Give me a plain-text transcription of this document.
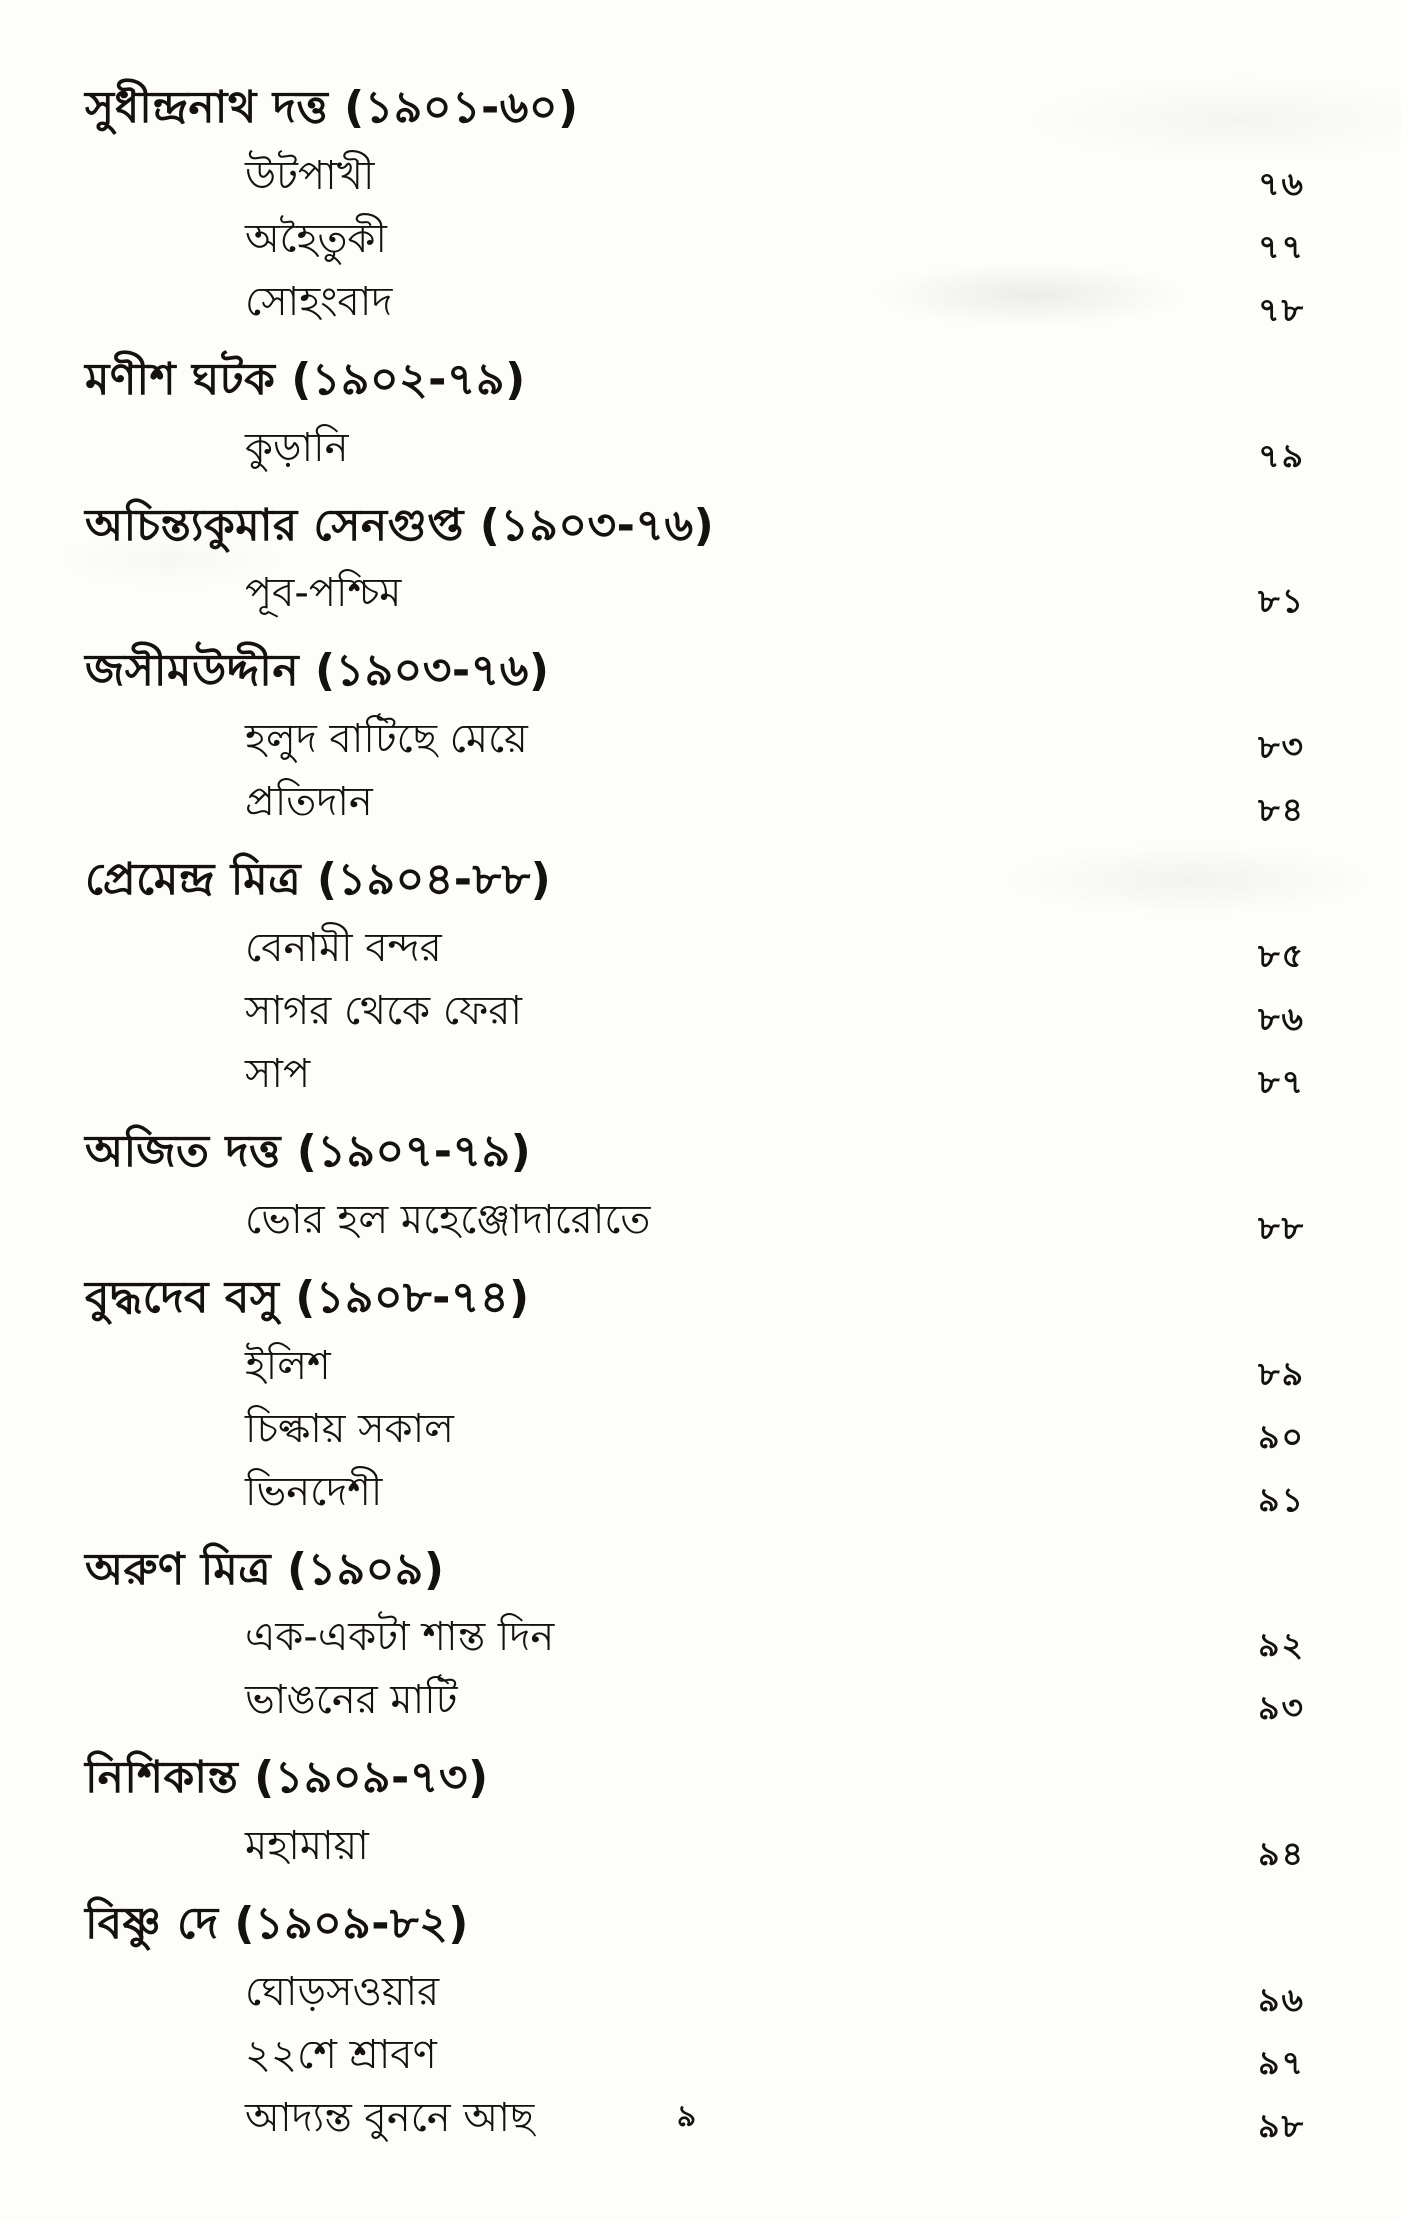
সুধীন্দ্রনাথ দত্ত (১৯০১-৬০)
উটপাখী	৭৬
অহৈতুকী	৭৭
সোহংবাদ	৭৮
মণীশ ঘটক (১৯০২-৭৯)
কুড়ানি	৭৯
অচিন্ত্যকুমার সেনগুপ্ত (১৯০৩-৭৬)
পূব-পশ্চিম	৮১
জসীমউদ্দীন (১৯০৩-৭৬)
হলুদ বাটিছে মেয়ে	৮৩
প্রতিদান	৮৪
প্রেমেন্দ্র মিত্র (১৯০৪-৮৮)
বেনামী বন্দর	৮৫
সাগর থেকে ফেরা	৮৬
সাপ	৮৭
অজিত দত্ত (১৯০৭-৭৯)
ভোর হল মহেঞ্জোদারোতে	৮৮
বুদ্ধদেব বসু (১৯০৮-৭৪)
ইলিশ	৮৯
চিল্কায় সকাল	৯০
ভিনদেশী	৯১
অরুণ মিত্র (১৯০৯)
এক-একটা শান্ত দিন	৯২
ভাঙনের মাটি	৯৩
নিশিকান্ত (১৯০৯-৭৩)
মহামায়া	৯৪
বিষ্ণু দে (১৯০৯-৮২)
ঘোড়সওয়ার	৯৬
২২শে শ্রাবণ	৯৭
আদ্যন্ত বুননে আছ	৯৮
৯
